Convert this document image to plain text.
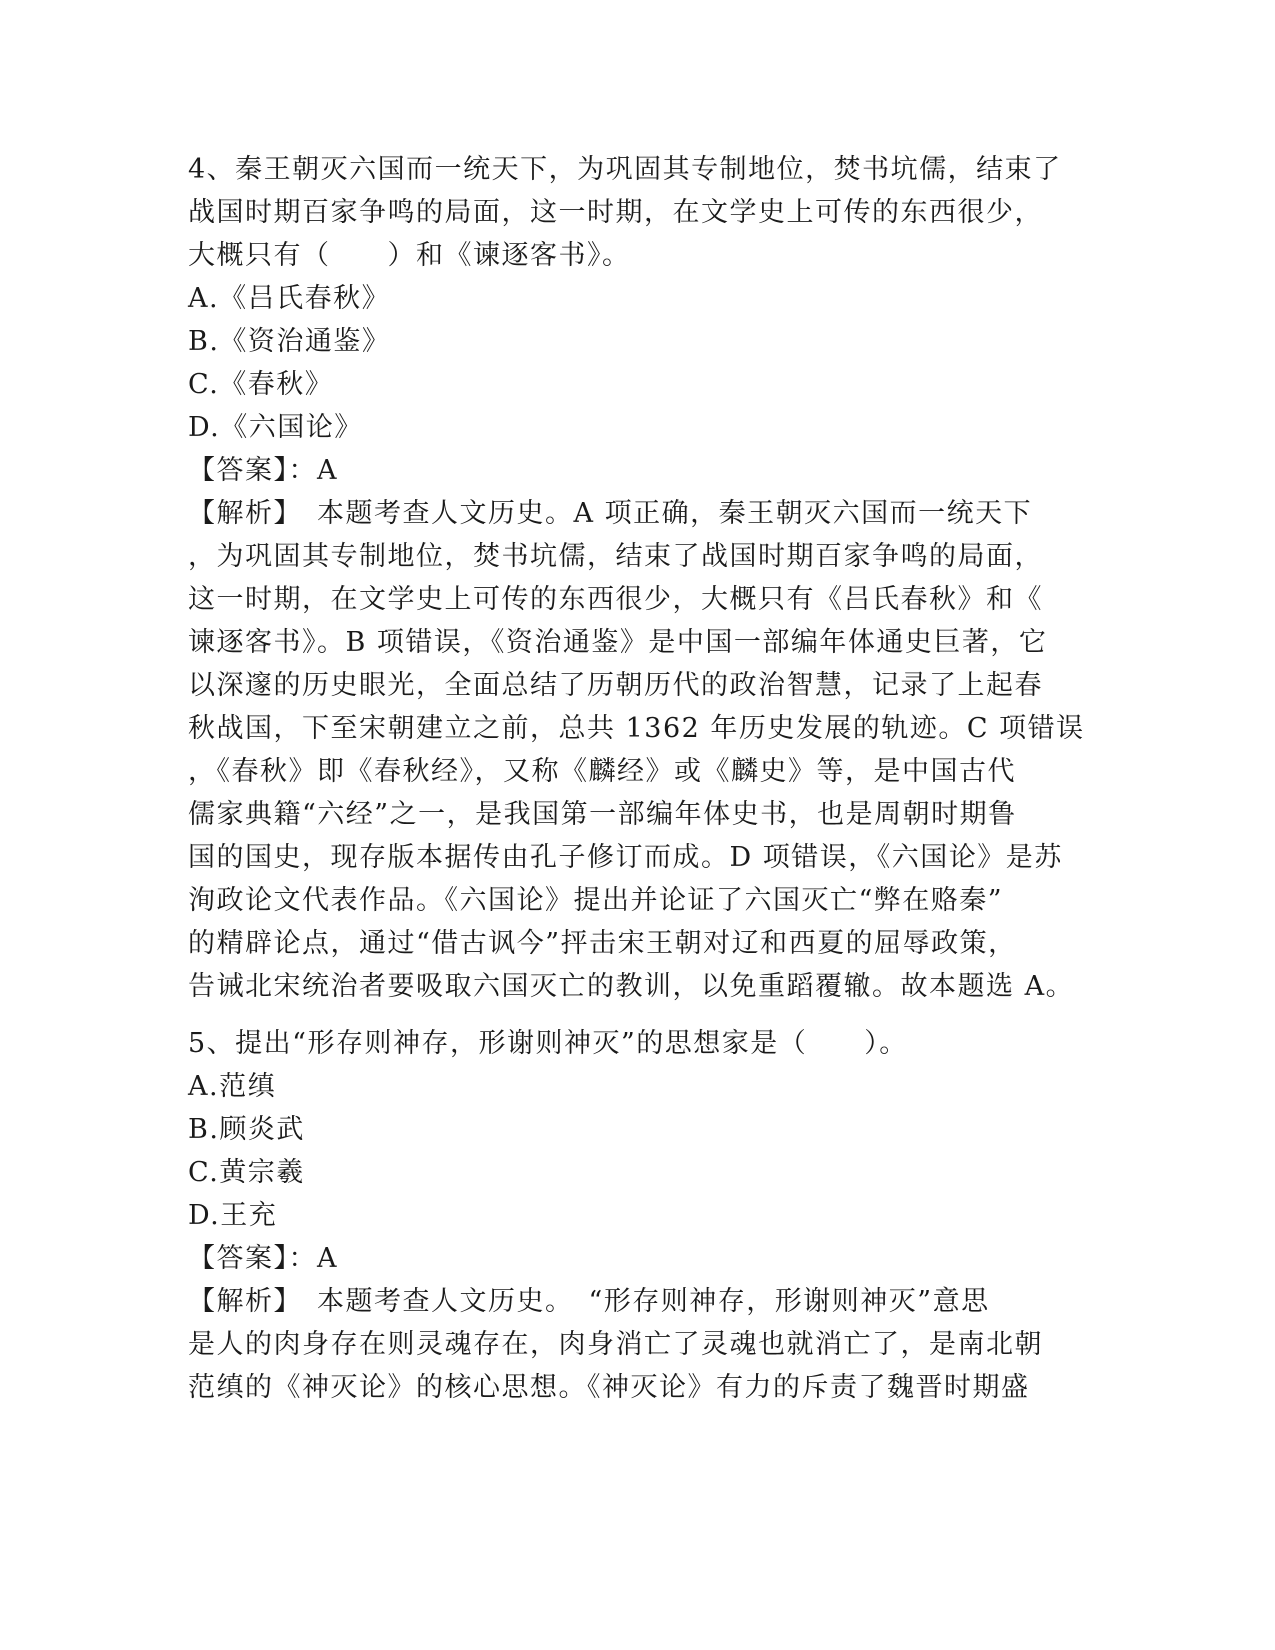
4、秦王朝灭六国而一统天下，为巩固其专制地位，焚书坑儒，结束了
战国时期百家争鸣的局面，这一时期，在文学史上可传的东西很少，
大概只有（　　）和《谏逐客书》。
A.《吕氏春秋》
B.《资治通鉴》
C.《春秋》
D.《六国论》
【答案】：A
【解析】　本题考查人文历史。A 项正确，秦王朝灭六国而一统天下
，为巩固其专制地位，焚书坑儒，结束了战国时期百家争鸣的局面，
这一时期，在文学史上可传的东西很少，大概只有《吕氏春秋》和《
谏逐客书》。B 项错误，《资治通鉴》是中国一部编年体通史巨著，它
以深邃的历史眼光，全面总结了历朝历代的政治智慧，记录了上起春
秋战国，下至宋朝建立之前，总共 1362 年历史发展的轨迹。C 项错误
，《春秋》即《春秋经》，又称《麟经》或《麟史》等，是中国古代
儒家典籍“六经”之一，是我国第一部编年体史书，也是周朝时期鲁
国的国史，现存版本据传由孔子修订而成。D 项错误，《六国论》是苏
洵政论文代表作品。《六国论》提出并论证了六国灭亡“弊在赂秦”
的精辟论点，通过“借古讽今”抨击宋王朝对辽和西夏的屈辱政策，
告诫北宋统治者要吸取六国灭亡的教训，以免重蹈覆辙。故本题选 A。
5、提出“形存则神存，形谢则神灭”的思想家是（　　）。
A.范缜
B.顾炎武
C.黄宗羲
D.王充
【答案】：A
【解析】　本题考查人文历史。　“形存则神存，形谢则神灭”意思
是人的肉身存在则灵魂存在，肉身消亡了灵魂也就消亡了，是南北朝
范缜的《神灭论》的核心思想。《神灭论》有力的斥责了魏晋时期盛
